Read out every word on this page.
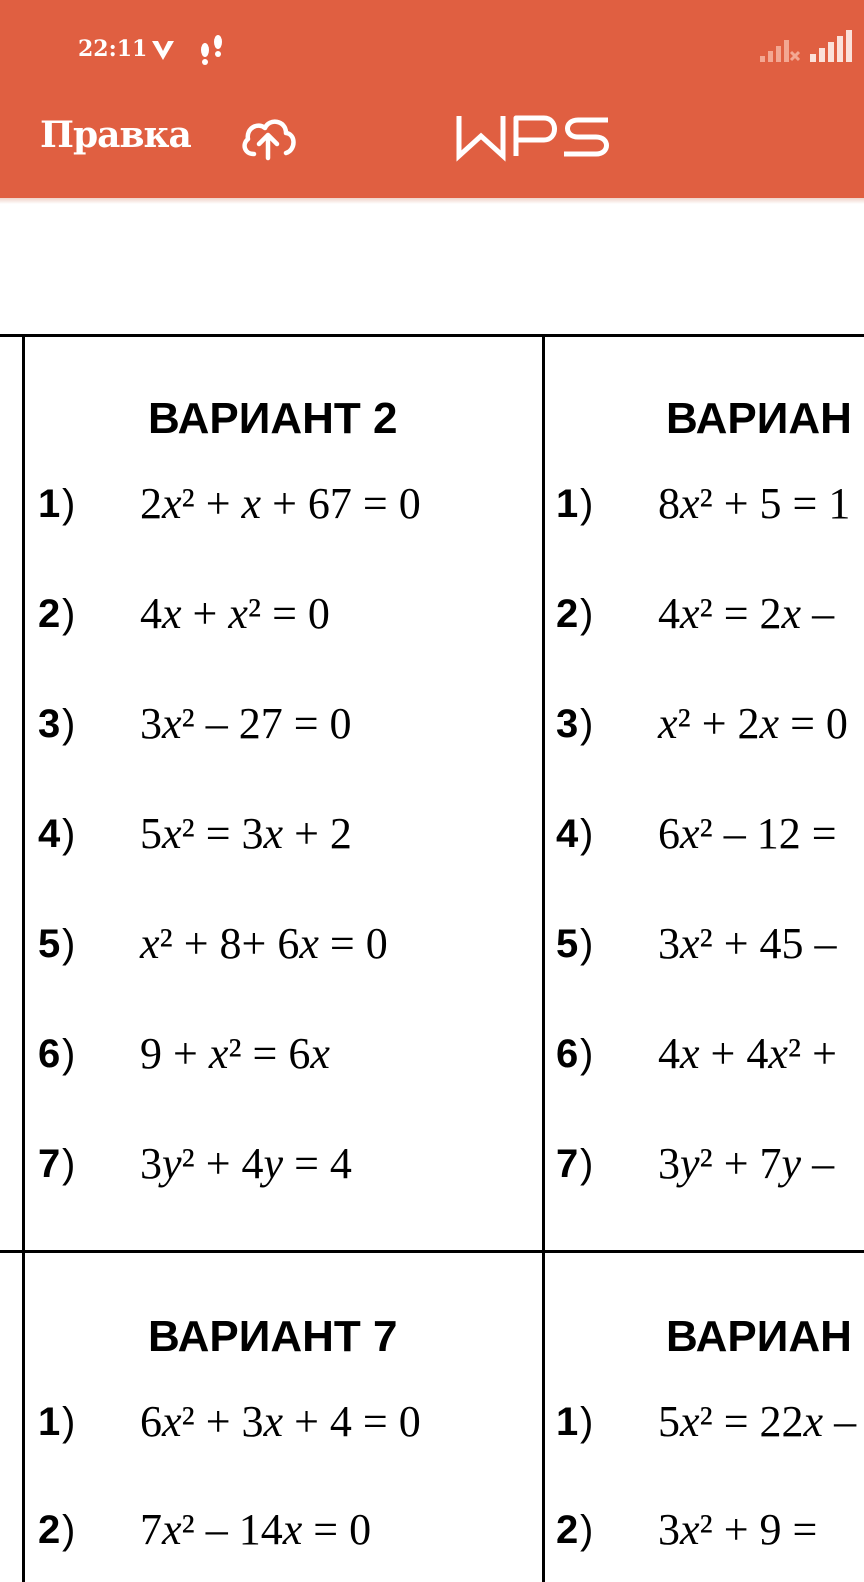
22:11
Правка
ВАРИАНТ 2
1 ) 2x² + x + 67 = 0
2 ) 4x + x² = 0
3 ) 3x² – 27 = 0
4 ) 5x² = 3x + 2
5 ) x² + 8+ 6x = 0
6 ) 9 + x² = 6x
7 ) 3y² + 4y = 4
ВАРИАН
1 ) 8x² + 5 = 1
2 ) 4x² = 2x –
3 ) x² + 2x = 0
4 ) 6x² – 12 =
5 ) 3x² + 45 –
6 ) 4x + 4x² +
7 ) 3y² + 7y –
ВАРИАНТ 7
1 ) 6x² + 3x + 4 = 0
2 ) 7x² – 14x = 0
ВАРИАН
1 ) 5x² = 22x –
2 ) 3x² + 9 =
